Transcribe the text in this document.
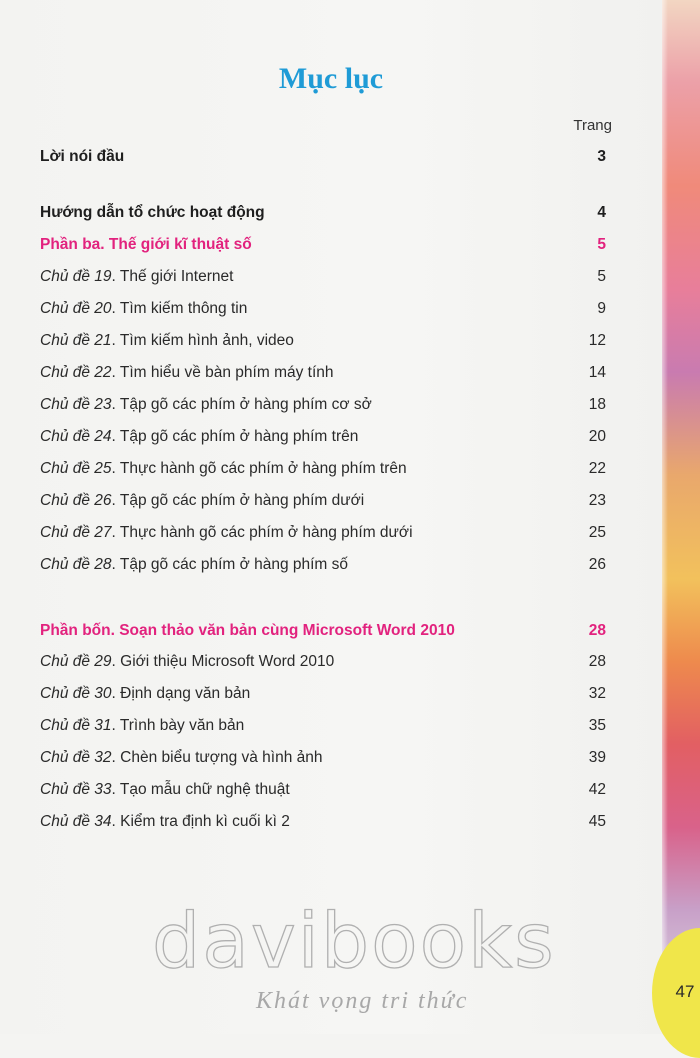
47
Mục lục
Trang
Lời nói đầu	3
Hướng dẫn tổ chức hoạt động	4
Phần ba. Thế giới kĩ thuật số	5
Chủ đề 19. Thế giới Internet	5
Chủ đề 20. Tìm kiếm thông tin	9
Chủ đề 21. Tìm kiếm hình ảnh, video	12
Chủ đề 22. Tìm hiểu về bàn phím máy tính	14
Chủ đề 23. Tập gõ các phím ở hàng phím cơ sở	18
Chủ đề 24. Tập gõ các phím ở hàng phím trên	20
Chủ đề 25. Thực hành gõ các phím ở hàng phím trên	22
Chủ đề 26. Tập gõ các phím ở hàng phím dưới	23
Chủ đề 27. Thực hành gõ các phím ở hàng phím dưới	25
Chủ đề 28. Tập gõ các phím ở hàng phím số	26
Phần bốn. Soạn thảo văn bản cùng Microsoft Word 2010	28
Chủ đề 29. Giới thiệu Microsoft Word 2010	28
Chủ đề 30. Định dạng văn bản	32
Chủ đề 31. Trình bày văn bản	35
Chủ đề 32. Chèn biểu tượng và hình ảnh	39
Chủ đề 33. Tạo mẫu chữ nghệ thuật	42
Chủ đề 34. Kiểm tra định kì cuối kì 2	45
davibooks
Khát vọng tri thức
